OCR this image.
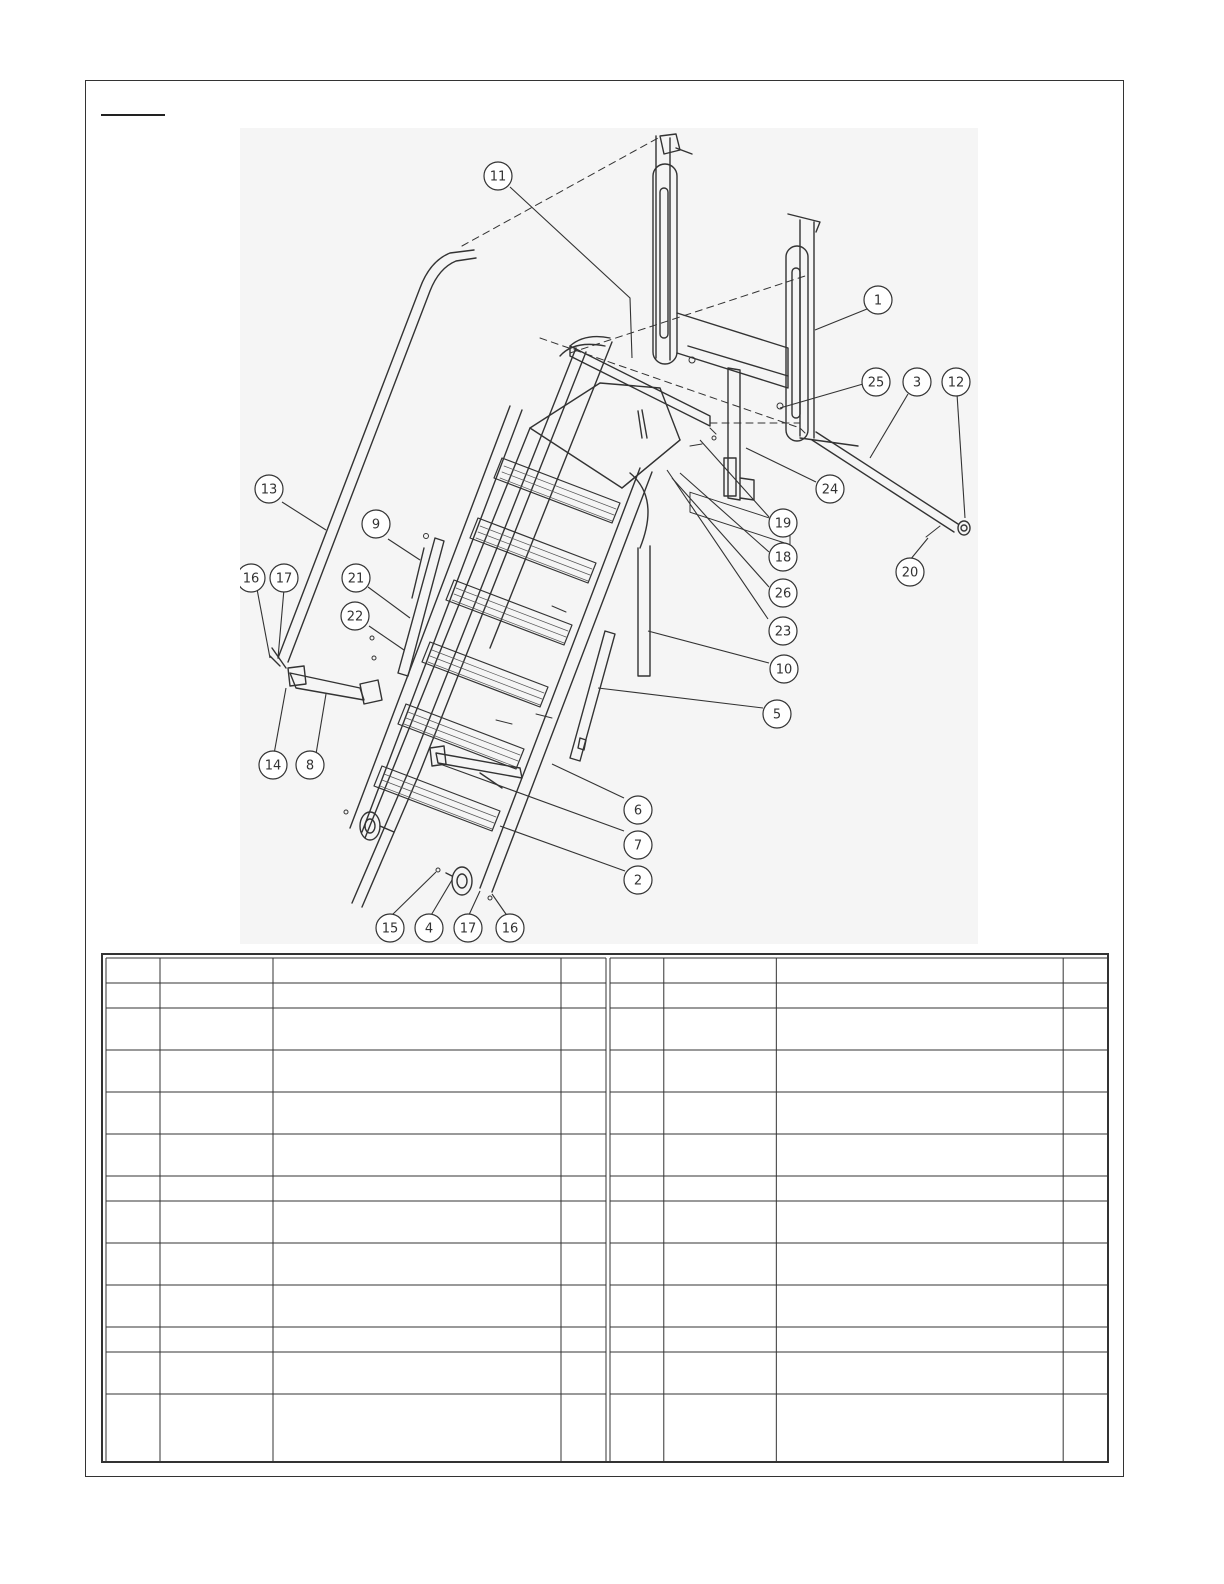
1
2
3
4
5
6
7
8
9
10
11
12
13
14
15
16 17
18
19
20
21
22
23
24
25
26
16
17
